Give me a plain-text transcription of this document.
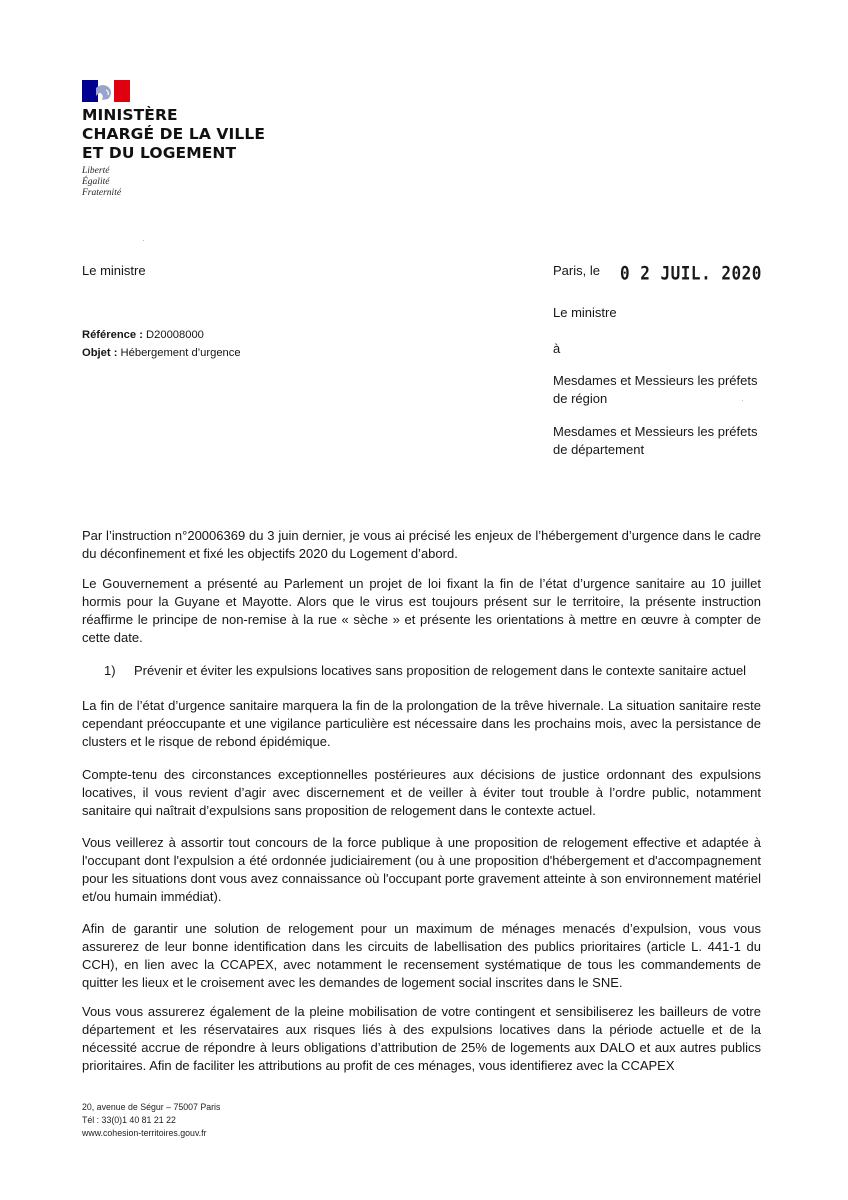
MINISTÈRE
CHARGÉ DE LA VILLE
ET DU LOGEMENT
Liberté
Égalité
Fraternité
Le ministre
Référence : D20008000
Objet : Hébergement d’urgence
Paris, le 0 2 JUIL. 2020
Le ministre
à
Mesdames et Messieurs les préfets
de région
Mesdames et Messieurs les préfets
de département
Par l’instruction n°20006369 du 3 juin dernier, je vous ai précisé les enjeux de l’hébergement d’urgence dans le cadre du déconfinement et fixé les objectifs 2020 du Logement d’abord.
Le Gouvernement a présenté au Parlement un projet de loi fixant la fin de l’état d’urgence sanitaire au 10 juillet hormis pour la Guyane et Mayotte. Alors que le virus est toujours présent sur le territoire, la présente instruction réaffirme le principe de non-remise à la rue « sèche » et présente les orientations à mettre en œuvre à compter de cette date.
1) Prévenir et éviter les expulsions locatives sans proposition de relogement dans le contexte sanitaire actuel
La fin de l’état d’urgence sanitaire marquera la fin de la prolongation de la trêve hivernale. La situation sanitaire reste cependant préoccupante et une vigilance particulière est nécessaire dans les prochains mois, avec la persistance de clusters et le risque de rebond épidémique.
Compte-tenu des circonstances exceptionnelles postérieures aux décisions de justice ordonnant des expulsions locatives, il vous revient d’agir avec discernement et de veiller à éviter tout trouble à l’ordre public, notamment sanitaire qui naîtrait d’expulsions sans proposition de relogement dans le contexte actuel.
Vous veillerez à assortir tout concours de la force publique à une proposition de relogement effective et adaptée à l'occupant dont l'expulsion a été ordonnée judiciairement (ou à une proposition d'hébergement et d'accompagnement pour les situations dont vous avez connaissance où l'occupant porte gravement atteinte à son environnement matériel et/ou humain immédiat).
Afin de garantir une solution de relogement pour un maximum de ménages menacés d’expulsion, vous vous assurerez de leur bonne identification dans les circuits de labellisation des publics prioritaires (article L. 441-1 du CCH), en lien avec la CCAPEX, avec notamment le recensement systématique de tous les commandements de quitter les lieux et le croisement avec les demandes de logement social inscrites dans le SNE.
Vous vous assurerez également de la pleine mobilisation de votre contingent et sensibiliserez les bailleurs de votre département et les réservataires aux risques liés à des expulsions locatives dans la période actuelle et de la nécessité accrue de répondre à leurs obligations d’attribution de 25% de logements aux DALO et aux autres publics prioritaires. Afin de faciliter les attributions au profit de ces ménages, vous identifierez avec la CCAPEX
20, avenue de Ségur – 75007 Paris
Tél : 33(0)1 40 81 21 22
www.cohesion-territoires.gouv.fr
